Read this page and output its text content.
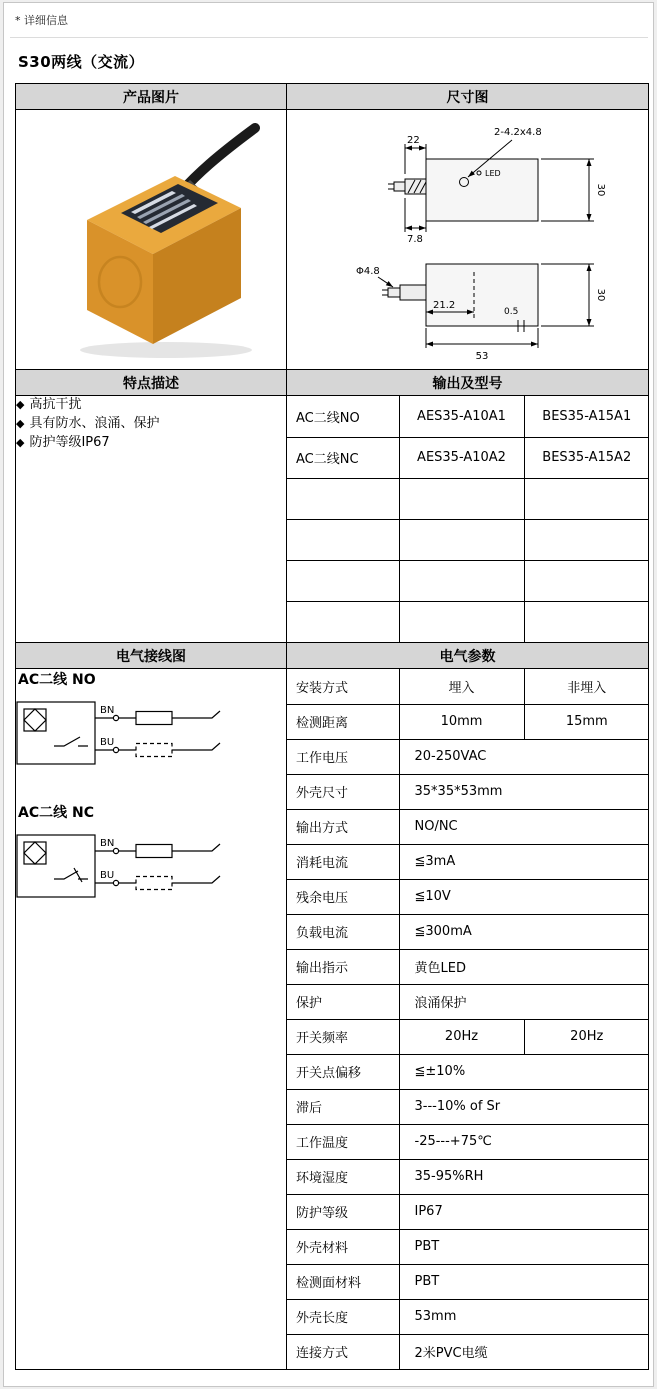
* 详细信息
S30两线（交流）
产品图片	尺寸图

22
2-4.2x4.8
LED
7.8
30
Φ4.8
21.2
0.5
53
30

特点描述	输出及型号

◆ 高抗干扰
◆ 具有防水、浪涌、保护
◆ 防护等级IP67

AC二线NO	AES35-A10A1	BES35-A15A1
AC二线NC	AES35-A10A2	BES35-A15A2

电气接线图	电气参数

AC二线 NO
BN
BU
AC二线 NC
BN
BU

安装方式	埋入	非埋入
检测距离	10mm	15mm
工作电压	20-250VAC
外壳尺寸	35*35*53mm
输出方式	NO/NC
消耗电流	≦3mA
残余电压	≦10V
负载电流	≦300mA
输出指示	黄色LED
保护	浪涌保护
开关频率	20Hz	20Hz
开关点偏移	≦±10%
滞后	3---10% of Sr
工作温度	-25---+75℃
环境湿度	35-95%RH
防护等级	IP67
外壳材料	PBT
检测面材料	PBT
外壳长度	53mm
连接方式	2米PVC电缆
